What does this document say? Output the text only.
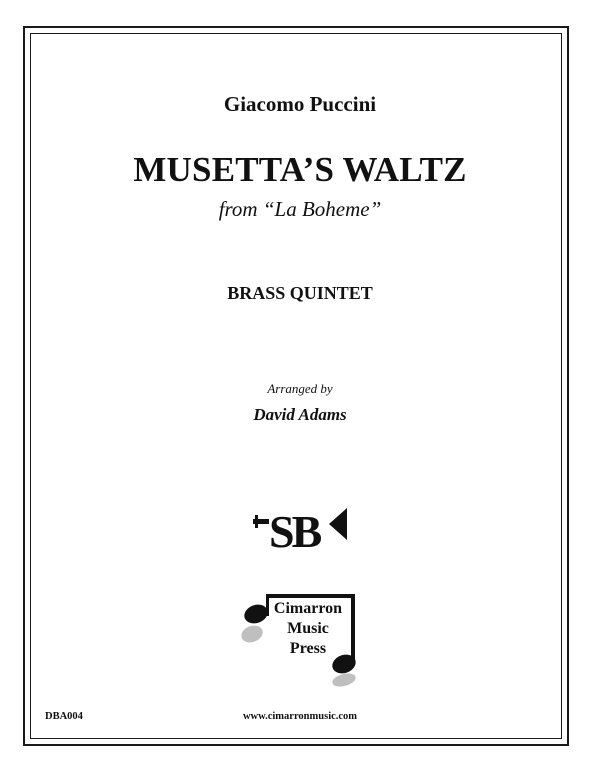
Giacomo Puccini
MUSETTA’S WALTZ
from “La Boheme”
BRASS QUINTET
Arranged by
David Adams
SB
Cimarron
Music
Press
DBA004	www.cimarronmusic.com
